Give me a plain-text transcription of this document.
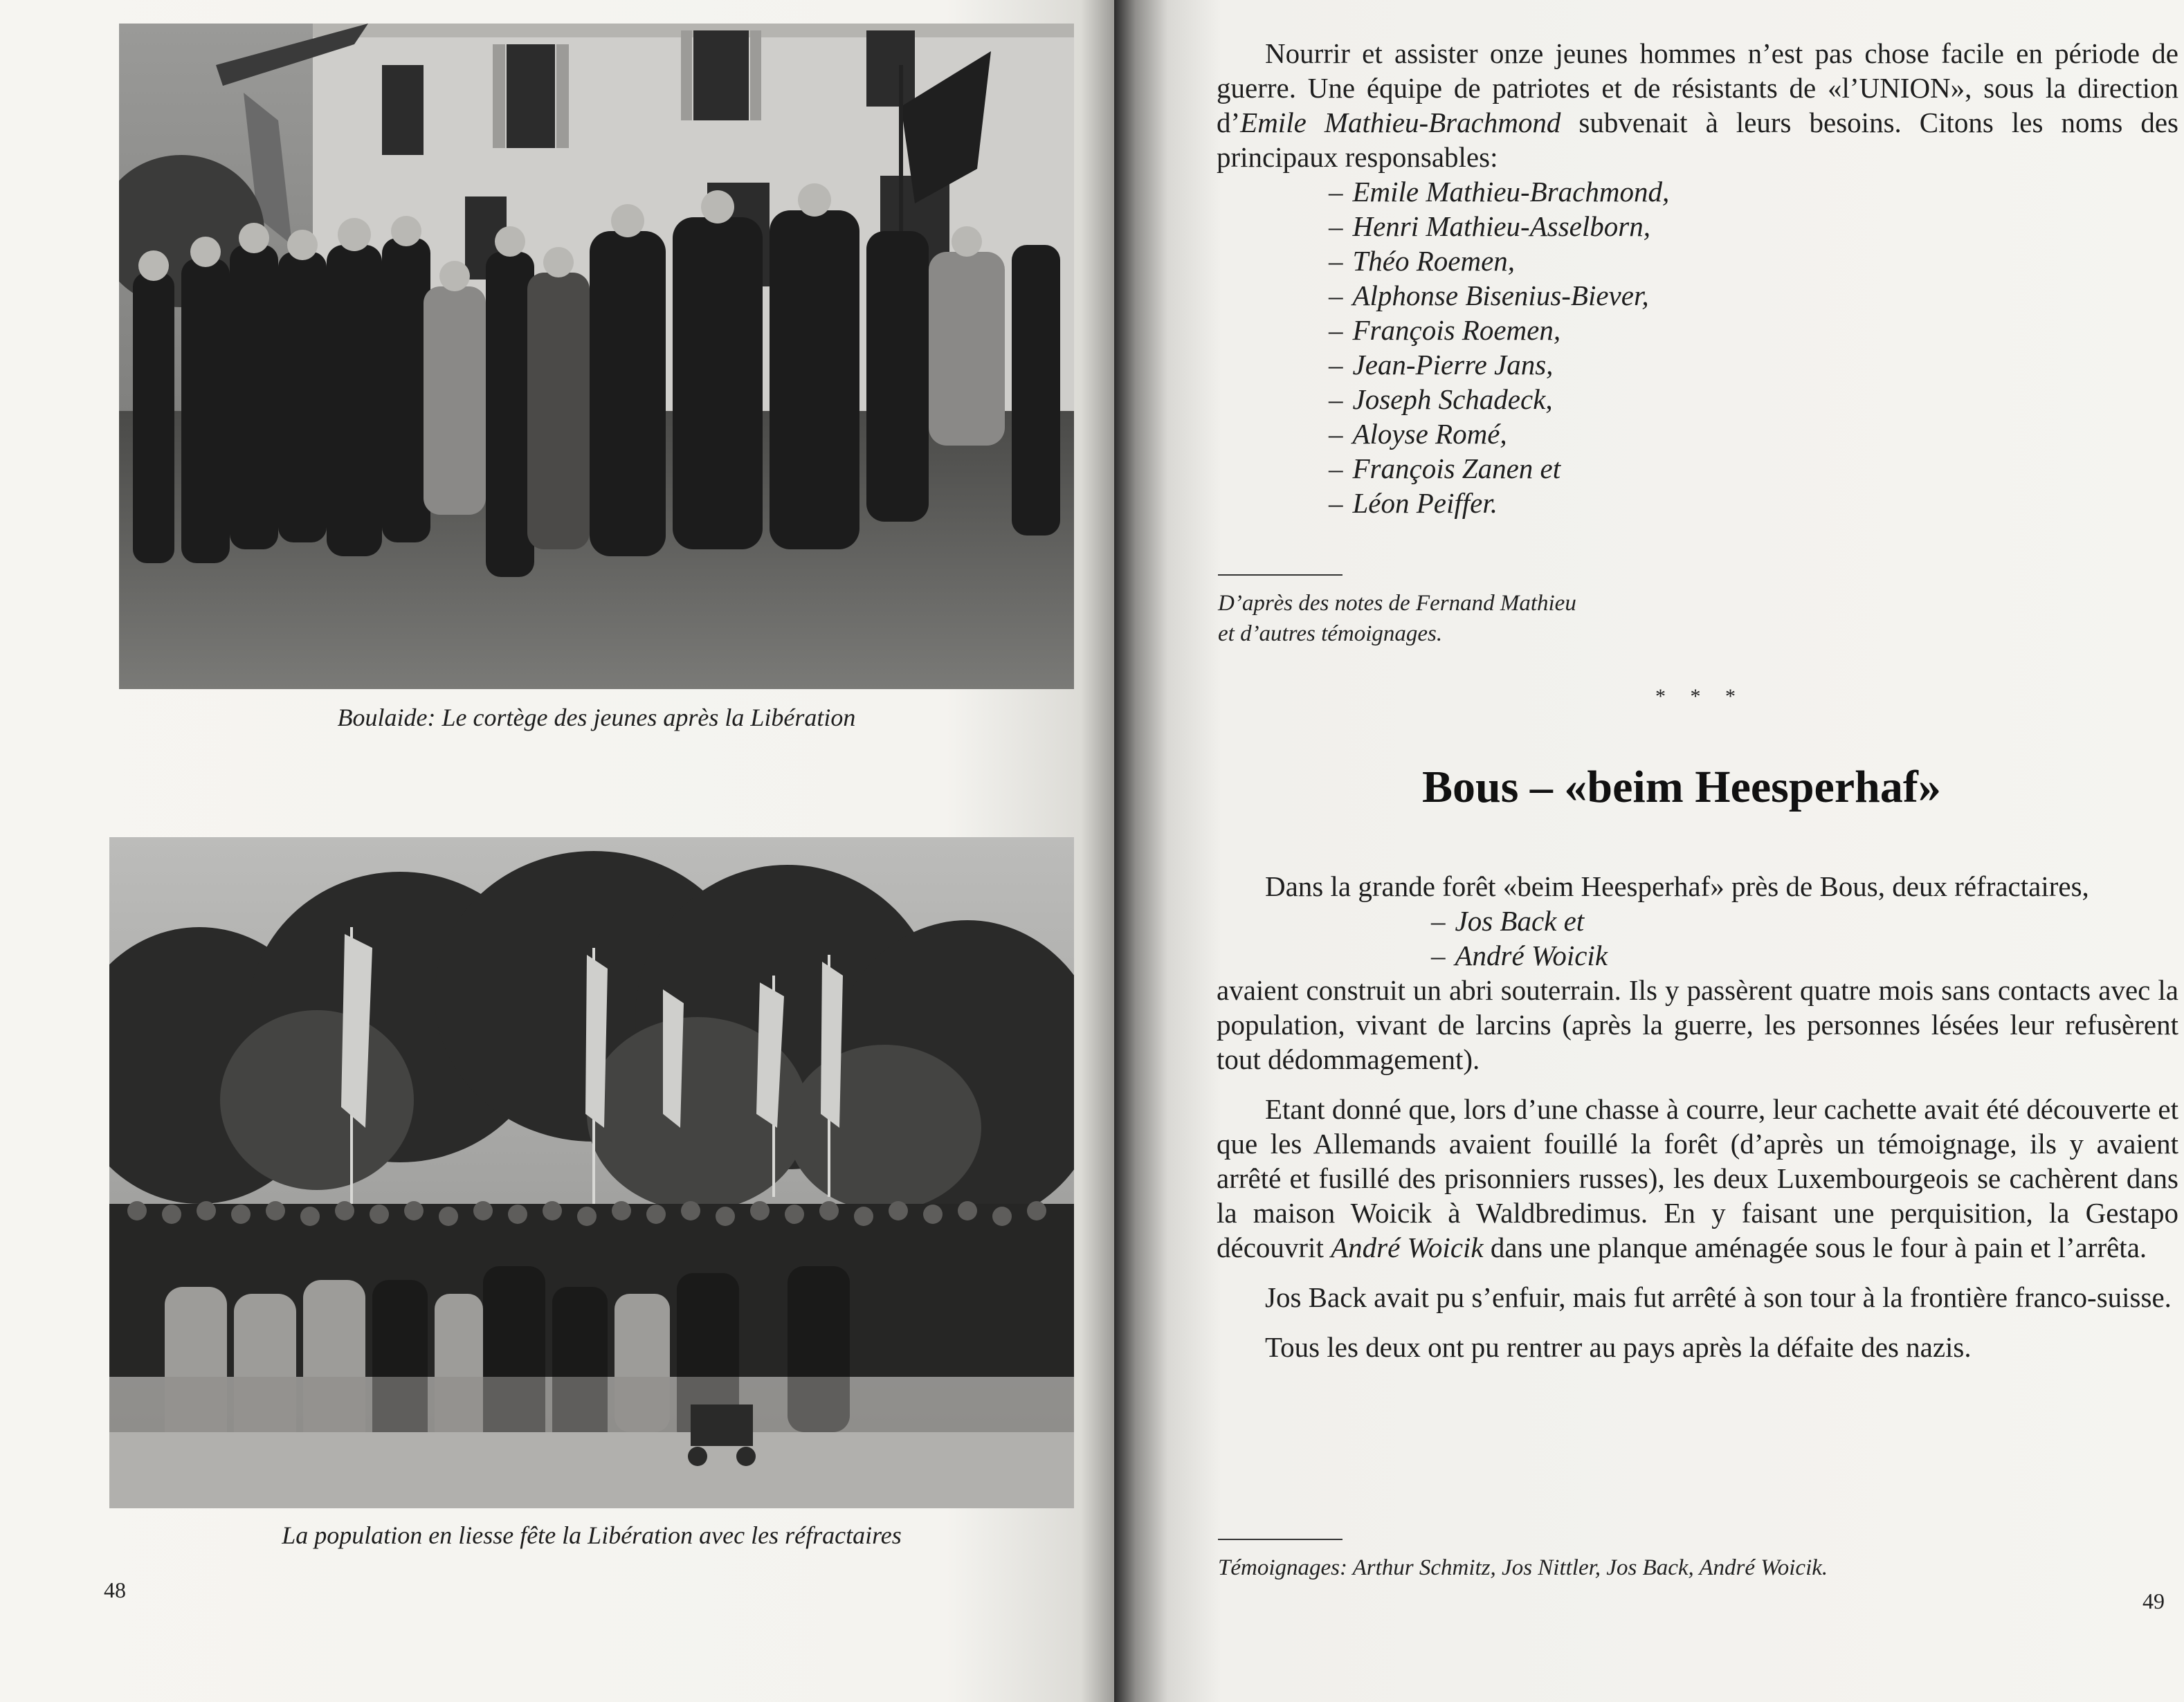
Boulaide: Le cortège des jeunes après la Libération
La population en liesse fête la Libération avec les réfractaires
48
Nourrir et assister onze jeunes hommes n’est pas chose facile en période de guerre. Une équipe de patriotes et de résistants de «l’UNION», sous la direction d’Emile Mathieu-Brachmond subvenait à leurs besoins. Citons les noms des principaux responsables:
– Emile Mathieu-Brachmond,
– Henri Mathieu-Asselborn,
– Théo Roemen,
– Alphonse Bisenius-Biever,
– François Roemen,
– Jean-Pierre Jans,
– Joseph Schadeck,
– Aloyse Romé,
– François Zanen et
– Léon Peiffer.
D’après des notes de Fernand Mathieu
et d’autres témoignages.
* * *
Bous – «beim Heesperhaf»
Dans la grande forêt «beim Heesperhaf» près de Bous, deux réfractaires,
– Jos Back et
– André Woicik
avaient construit un abri souterrain. Ils y passèrent quatre mois sans contacts avec la population, vivant de larcins (après la guerre, les personnes lésées leur refusèrent tout dédommagement).
Etant donné que, lors d’une chasse à courre, leur cachette avait été découverte et que les Allemands avaient fouillé la forêt (d’après un témoignage, ils y avaient arrêté et fusillé des prisonniers russes), les deux Luxembourgeois se cachèrent dans la maison Woicik à Waldbredimus. En y faisant une perquisition, la Gestapo découvrit André Woicik dans une planque aménagée sous le four à pain et l’arrêta.
Jos Back avait pu s’enfuir, mais fut arrêté à son tour à la frontière franco-suisse.
Tous les deux ont pu rentrer au pays après la défaite des nazis.
Témoignages: Arthur Schmitz, Jos Nittler, Jos Back, André Woicik.
49
